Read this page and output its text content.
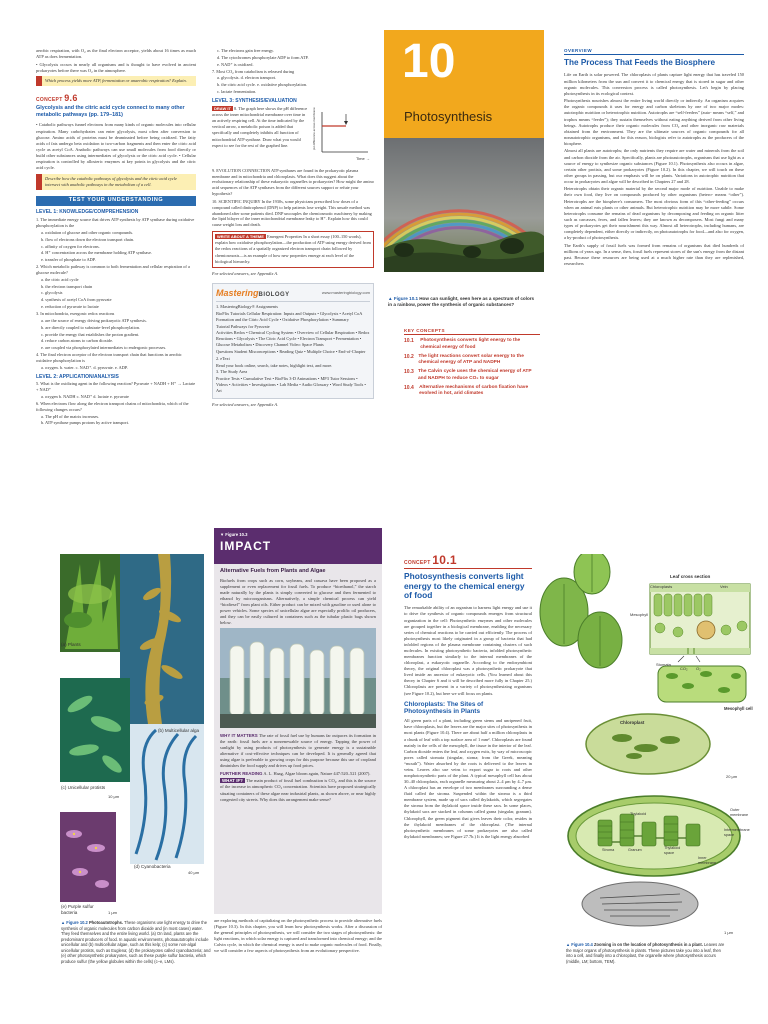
aerobic respiration, with O₂ as the final electron acceptor, yields about 16 times as much ATP as does fermentation.

• Glycolysis occurs in nearly all organisms and is thought to have evolved in ancient prokaryotes before there was O₂ in the atmosphere.

Which process yields more ATP, fermentation or anaerobic respiration? Explain.
CONCEPT 9.6
Glycolysis and the citric acid cycle connect to many other metabolic pathways (pp. 179–181)

• Catabolic pathways funnel electrons from many kinds of organic molecules into cellular respiration. Many carbohydrates can enter glycolysis, most often after conversion to glucose. Amino acids of proteins must be deaminated before being oxidized. The fatty acids of fats undergo beta oxidation to two-carbon fragments and then enter the citric acid cycle as acetyl CoA. Anabolic pathways can use small molecules from food directly or build other substances using intermediates of glycolysis or the citric acid cycle. • Cellular respiration is controlled by allosteric enzymes at key points in glycolysis and the citric acid cycle.

Describe how the catabolic pathways of glycolysis and the citric acid cycle intersect with anabolic pathways in the metabolism of a cell.
TEST YOUR UNDERSTANDING
LEVEL 1: KNOWLEDGE/COMPREHENSION

1. The immediate energy source that drives ATP synthesis by ATP synthase during oxidative phosphorylation is the

a. oxidation of glucose and other organic compounds.

b. flow of electrons down the electron transport chain.

c. affinity of oxygen for electrons.

d. H⁺ concentration across the membrane holding ATP synthase.

e. transfer of phosphate to ADP.

2. Which metabolic pathway is common to both fermentation and cellular respiration of a glucose molecule?

a. the citric acid cycle

b. the electron transport chain

c. glycolysis

d. synthesis of acetyl CoA from pyruvate

e. reduction of pyruvate to lactate

3. In mitochondria, exergonic redox reactions

a. are the source of energy driving prokaryotic ATP synthesis.

b. are directly coupled to substrate-level phosphorylation.

c. provide the energy that establishes the proton gradient.

d. reduce carbon atoms to carbon dioxide.

e. are coupled via phosphorylated intermediates to endergonic processes.

4. The final electron acceptor of the electron transport chain that functions in aerobic oxidative phosphorylation is

a. oxygen. b. water. c. NAD⁺. d. pyruvate. e. ADP.

LEVEL 2: APPLICATION/ANALYSIS

5. What is the oxidizing agent in the following reaction? Pyruvate + NADH + H⁺ → Lactate + NAD⁺

a. oxygen b. NADH c. NAD⁺ d. lactate e. pyruvate

6. When electrons flow along the electron transport chains of mitochondria, which of the following changes occurs?

a. The pH of the matrix increases.

b. ATP synthase pumps protons by active transport.

c. The electrons gain free energy.

d. The cytochromes phosphorylate ADP to form ATP.

e. NAD⁺ is oxidized.

7. Most CO₂ from catabolism is released during

a. glycolysis. d. electron transport.

b. the citric acid cycle. e. oxidative phosphorylation.

c. lactate fermentation.

LEVEL 3: SYNTHESIS/EVALUATION
DRAW IT 8. The graph here shows the pH difference across the inner mitochondrial membrane over time in an actively respiring cell. At the time indicated by the vertical arrow, a metabolic poison is added that specifically and completely inhibits all function of mitochondrial ATP synthase. Draw what you would expect to see for the rest of the graphed line.
Time →
pH difference across membrane

9. EVOLUTION CONNECTION ATP synthases are found in the prokaryotic plasma membrane and in mitochondria and chloroplasts. What does this suggest about the evolutionary relationship of these eukaryotic organelles to prokaryotes? How might the amino acid sequences of the ATP synthases from the different sources support or refute your hypothesis?

10. SCIENTIFIC INQUIRY In the 1930s, some physicians prescribed low doses of a compound called dinitrophenol (DNP) to help patients lose weight. This unsafe method was abandoned after some patients died. DNP uncouples the chemiosmotic machinery by making the lipid bilayer of the inner mitochondrial membrane leaky to H⁺. Explain how this could cause weight loss and death.

WRITE ABOUT A THEME Emergent Properties In a short essay (100–150 words), explain how oxidative phosphorylation—the production of ATP using energy derived from the redox reactions of a spatially organized electron transport chain followed by chemiosmosis—is an example of how new properties emerge at each level of the biological hierarchy.

For selected answers, see Appendix A.

MasteringBIOLOGY	www.masteringbiology.com

1. MasteringBiology® Assignments

BioFlix Tutorials Cellular Respiration: Inputs and Outputs • Glycolysis • Acetyl CoA Formation and the Citric Acid Cycle • Oxidative Phosphorylation • Summary

Tutorial Pathways for Pyruvate

Activities Redox • Chemical Cycling System • Overview of Cellular Respiration • Redox Reactions • Glycolysis • The Citric Acid Cycle • Electron Transport • Fermentation • Glucose Metabolism • Discovery Channel Video: Space Plants

Questions Student Misconceptions • Reading Quiz • Multiple Choice • End-of-Chapter

2. eText

Read your book online, search, take notes, highlight text, and more.

3. The Study Area

Practice Tests • Cumulative Test • BioFlix 3-D Animations • MP3 Tutor Sessions • Videos • Activities • Investigations • Lab Media • Audio Glossary • Word Study Tools • Art

For selected answers, see Appendix A.

10
Photosynthesis
▲ Figure 10.1 How can sunlight, seen here as a spectrum of colors in a rainbow, power the synthesis of organic substances?
KEY CONCEPTS
10.1	Photosynthesis converts light energy to the chemical energy of food
10.2 The light reactions convert solar energy to the chemical energy of ATP and NADPH
10.3 The Calvin cycle uses the chemical energy of ATP and NADPH to reduce CO₂ to sugar
10.4 Alternative mechanisms of carbon fixation have evolved in hot, arid climates
OVERVIEW
The Process That Feeds the Biosphere

Life on Earth is solar powered. The chloroplasts of plants capture light energy that has traveled 150 million kilometers from the sun and convert it to chemical energy that is stored in sugar and other organic molecules. This conversion process is called photosynthesis. Let's begin by placing photosynthesis in its ecological context.

Photosynthesis nourishes almost the entire living world directly or indirectly. An organism acquires the organic compounds it uses for energy and carbon skeletons by one of two major modes: autotrophic nutrition or heterotrophic nutrition. Autotrophs are “self-feeders” (auto- means “self,” and trophos means “feeder”); they sustain themselves without eating anything derived from other living beings. Autotrophs produce their organic molecules from CO₂ and other inorganic raw materials obtained from the environment. They are the ultimate sources of organic compounds for all nonautotrophic organisms, and for this reason, biologists refer to autotrophs as the producers of the biosphere.

Almost all plants are autotrophs; the only nutrients they require are water and minerals from the soil and carbon dioxide from the air. Specifically, plants are photoautotrophs, organisms that use light as a source of energy to synthesize organic substances (Figure 10.1). Photosynthesis also occurs in algae, certain other protists, and some prokaryotes (Figure 10.2). In this chapter, we will touch on these other groups in passing, but our emphasis will be on plants. Variations in autotrophic nutrition that occur in prokaryotes and algae will be described in Chapters 27 and 28.

Heterotrophs obtain their organic material by the second major mode of nutrition. Unable to make their own food, they live on compounds produced by other organisms (hetero- means “other”). Heterotrophs are the biosphere's consumers. The most obvious form of this “other-feeding” occurs when an animal eats plants or other animals. But heterotrophic nutrition may be more subtle. Some heterotrophs consume the remains of dead organisms by decomposing and feeding on organic litter such as carcasses, feces, and fallen leaves; they are known as decomposers. Most fungi and many types of prokaryotes get their nourishment this way. Almost all heterotrophs, including humans, are completely dependent, either directly or indirectly, on photoautotrophs for food—and also for oxygen, a by-product of photosynthesis.

The Earth's supply of fossil fuels was formed from remains of organisms that died hundreds of millions of years ago. In a sense, then, fossil fuels represent stores of the sun's energy from the distant past. Because these resources are being used at a much higher rate than they are replenished, researchers

(a) Plants
(b) Multicellular alga
(c) Unicellular protists
10 μm
(d) Cyanobacteria
40 μm
(e) Purple sulfur bacteria	1 μm
▲ Figure 10.2 Photoautotrophs. These organisms use light energy to drive the synthesis of organic molecules from carbon dioxide and (in most cases) water. They feed themselves and the entire living world. (a) On land, plants are the predominant producers of food. In aquatic environments, photoautotrophs include unicellular and (b) multicellular algae, such as this kelp; (c) some non-algal unicellular protists, such as Euglena; (d) the prokaryotes called cyanobacteria; and (e) other photosynthetic prokaryotes, such as these purple sulfur bacteria, which produce sulfur (the yellow globules within the cells) (c–e, LMs).
▼ Figure 10.3
IMPACT
Alternative Fuels from Plants and Algae

Biofuels from crops such as corn, soybeans, and cassava have been proposed as a supplement or even replacement for fossil fuels. To produce “bioethanol,” the starch made naturally by the plants is simply converted to glucose and then fermented to ethanol by microorganisms. Alternatively, a simple chemical process can yield “biodiesel” from plant oils. Either product can be mixed with gasoline or used alone to power vehicles. Some species of unicellular algae are especially prolific oil producers, and they can be easily cultured in containers such as the tubular plastic bags shown below.

WHY IT MATTERS The rate of fossil fuel use by humans far outpaces its formation in the earth: fossil fuels are a nonrenewable source of energy. Tapping the power of sunlight by using products of photosynthesis to generate energy is a sustainable alternative if cost-effective techniques can be developed. It is generally agreed that using algae is preferable to growing crops for this purpose because this use of cropland diminishes the food supply and drives up food prices.

FURTHER READING A. L. Haag, Algae bloom again, Nature 447:520–521 (2007).

WHAT IF? The main product of fossil fuel combustion is CO₂, and this is the source of the increase in atmospheric CO₂ concentration. Scientists have proposed strategically situating containers of these algae near industrial plants, as shown above, or near highly congested city streets. Why does this arrangement make sense?

are exploring methods of capitalizing on the photosynthetic process to provide alternative fuels (Figure 10.3). In this chapter, you will learn how photosynthesis works. After a discussion of the general principles of photosynthesis, we will consider the two stages of photosynthesis: the light reactions, in which solar energy is captured and transformed into chemical energy; and the Calvin cycle, in which the chemical energy is used to make organic molecules of food. Finally, we will consider a few aspects of photosynthesis from an evolutionary perspective.

CONCEPT 10.1
Photosynthesis converts light energy to the chemical energy of food

The remarkable ability of an organism to harness light energy and use it to drive the synthesis of organic compounds emerges from structural organization in the cell: Photosynthetic enzymes and other molecules are grouped together in a biological membrane, enabling the necessary series of chemical reactions to be carried out efficiently. The process of photosynthesis most likely originated in a group of bacteria that had infolded regions of the plasma membrane containing clusters of such molecules. In existing photosynthetic bacteria, infolded photosynthetic membranes function similarly to the internal membranes of the chloroplast, a eukaryotic organelle. According to the endosymbiont theory, the original chloroplast was a photosynthetic prokaryote that lived inside an ancestor of eukaryotic cells. (You learned about this theory in Chapter 6 and it will be described more fully in Chapter 25.) Chloroplasts are present in a variety of photosynthesizing organisms (see Figure 10.2), but here we will focus on plants.

Chloroplasts: The Sites of Photosynthesis in Plants

All green parts of a plant, including green stems and unripened fruit, have chloroplasts, but the leaves are the major sites of photosynthesis in most plants (Figure 10.4). There are about half a million chloroplasts in a chunk of leaf with a top surface area of 1 mm². Chloroplasts are found mainly in the cells of the mesophyll, the tissue in the interior of the leaf. Carbon dioxide enters the leaf, and oxygen exits, by way of microscopic pores called stomata (singular, stoma; from the Greek, meaning “mouth”). Water absorbed by the roots is delivered to the leaves in veins. Leaves also use veins to export sugar to roots and other nonphotosynthetic parts of the plant. A typical mesophyll cell has about 30–40 chloroplasts, each organelle measuring about 2–4 μm by 4–7 μm. A chloroplast has an envelope of two membranes surrounding a dense fluid called the stroma. Suspended within the stroma is a third membrane system, made up of sacs called thylakoids, which segregates the stroma from the thylakoid space inside these sacs. In some places, thylakoid sacs are stacked in columns called grana (singular, granum). Chlorophyll, the green pigment that gives leaves their color, resides in the thylakoid membranes of the chloroplast. (The internal photosynthetic membranes of some prokaryotes are also called thylakoid membranes; see Figure 27.7b.) It is the light energy absorbed

Leaf cross section
Chloroplasts	Vein
Mesophyll
Stomata
CO₂ O₂
Mesophyll cell
Chloroplast
20 μm
Outer membrane
Thylakoid
Intermembrane space
Stroma	Granum	Thylakoid space
Inner membrane
1 μm
▲ Figure 10.4 Zooming in on the location of photosynthesis in a plant. Leaves are the major organs of photosynthesis in plants. These pictures take you into a leaf, then into a cell, and finally into a chloroplast, the organelle where photosynthesis occurs (middle, LM; bottom, TEM).
